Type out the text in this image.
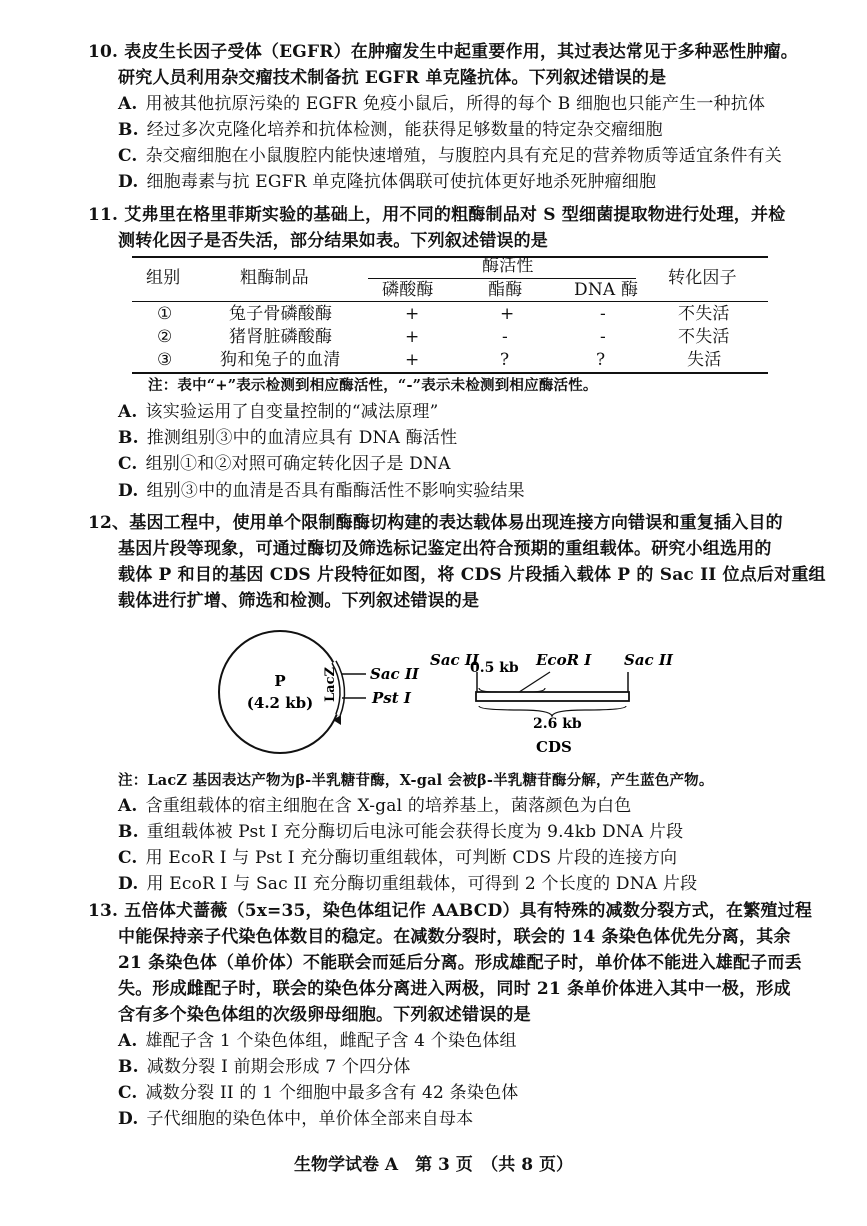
10. 表皮生长因子受体（EGFR）在肿瘤发生中起重要作用，其过表达常见于多种恶性肿瘤。
研究人员利用杂交瘤技术制备抗 EGFR 单克隆抗体。下列叙述错误的是
A. 用被其他抗原污染的 EGFR 免疫小鼠后，所得的每个 B 细胞也只能产生一种抗体
B. 经过多次克隆化培养和抗体检测，能获得足够数量的特定杂交瘤细胞
C. 杂交瘤细胞在小鼠腹腔内能快速增殖，与腹腔内具有充足的营养物质等适宜条件有关
D. 细胞毒素与抗 EGFR 单克隆抗体偶联可使抗体更好地杀死肿瘤细胞
11. 艾弗里在格里菲斯实验的基础上，用不同的粗酶制品对 S 型细菌提取物进行处理，并检
测转化因子是否失活，部分结果如表。下列叙述错误的是
组别	粗酶制品
酶活性
转化因子
磷酸酶	酯酶	DNA 酶
①	兔子骨磷酸酶	+	+	-	不失活
②	猪肾脏磷酸酶	+	-	-	不失活
③	狗和兔子的血清	+	?	?	失活
注：表中“+”表示检测到相应酶活性，“-”表示未检测到相应酶活性。
A. 该实验运用了自变量控制的“减法原理”
B. 推测组别③中的血清应具有 DNA 酶活性
C. 组别①和②对照可确定转化因子是 DNA
D. 组别③中的血清是否具有酯酶活性不影响实验结果
12、基因工程中，使用单个限制酶酶切构建的表达载体易出现连接方向错误和重复插入目的
基因片段等现象，可通过酶切及筛选标记鉴定出符合预期的重组载体。研究小组选用的
载体 P 和目的基因 CDS 片段特征如图，将 CDS 片段插入载体 P 的 Sac II 位点后对重组
载体进行扩增、筛选和检测。下列叙述错误的是
P
(4.2 kb)
LacZ Sac II
Pst I
Sac II
0.5 kb EcoR I Sac II
2.6 kb
CDS
注：LacZ 基因表达产物为β-半乳糖苷酶，X-gal 会被β-半乳糖苷酶分解，产生蓝色产物。
A. 含重组载体的宿主细胞在含 X-gal 的培养基上，菌落颜色为白色
B. 重组载体被 Pst I 充分酶切后电泳可能会获得长度为 9.4kb DNA 片段
C. 用 EcoR I 与 Pst I 充分酶切重组载体，可判断 CDS 片段的连接方向
D. 用 EcoR I 与 Sac II 充分酶切重组载体，可得到 2 个长度的 DNA 片段
13. 五倍体犬蔷薇（5x=35，染色体组记作 AABCD）具有特殊的减数分裂方式，在繁殖过程
中能保持亲子代染色体数目的稳定。在减数分裂时，联会的 14 条染色体优先分离，其余
21 条染色体（单价体）不能联会而延后分离。形成雄配子时，单价体不能进入雄配子而丢
失。形成雌配子时，联会的染色体分离进入两极，同时 21 条单价体进入其中一极，形成
含有多个染色体组的次级卵母细胞。下列叙述错误的是
A. 雄配子含 1 个染色体组，雌配子含 4 个染色体组
B. 减数分裂 I 前期会形成 7 个四分体
C. 减数分裂 II 的 1 个细胞中最多含有 42 条染色体
D. 子代细胞的染色体中，单价体全部来自母本
生物学试卷 A　第 3 页　（共 8 页）
